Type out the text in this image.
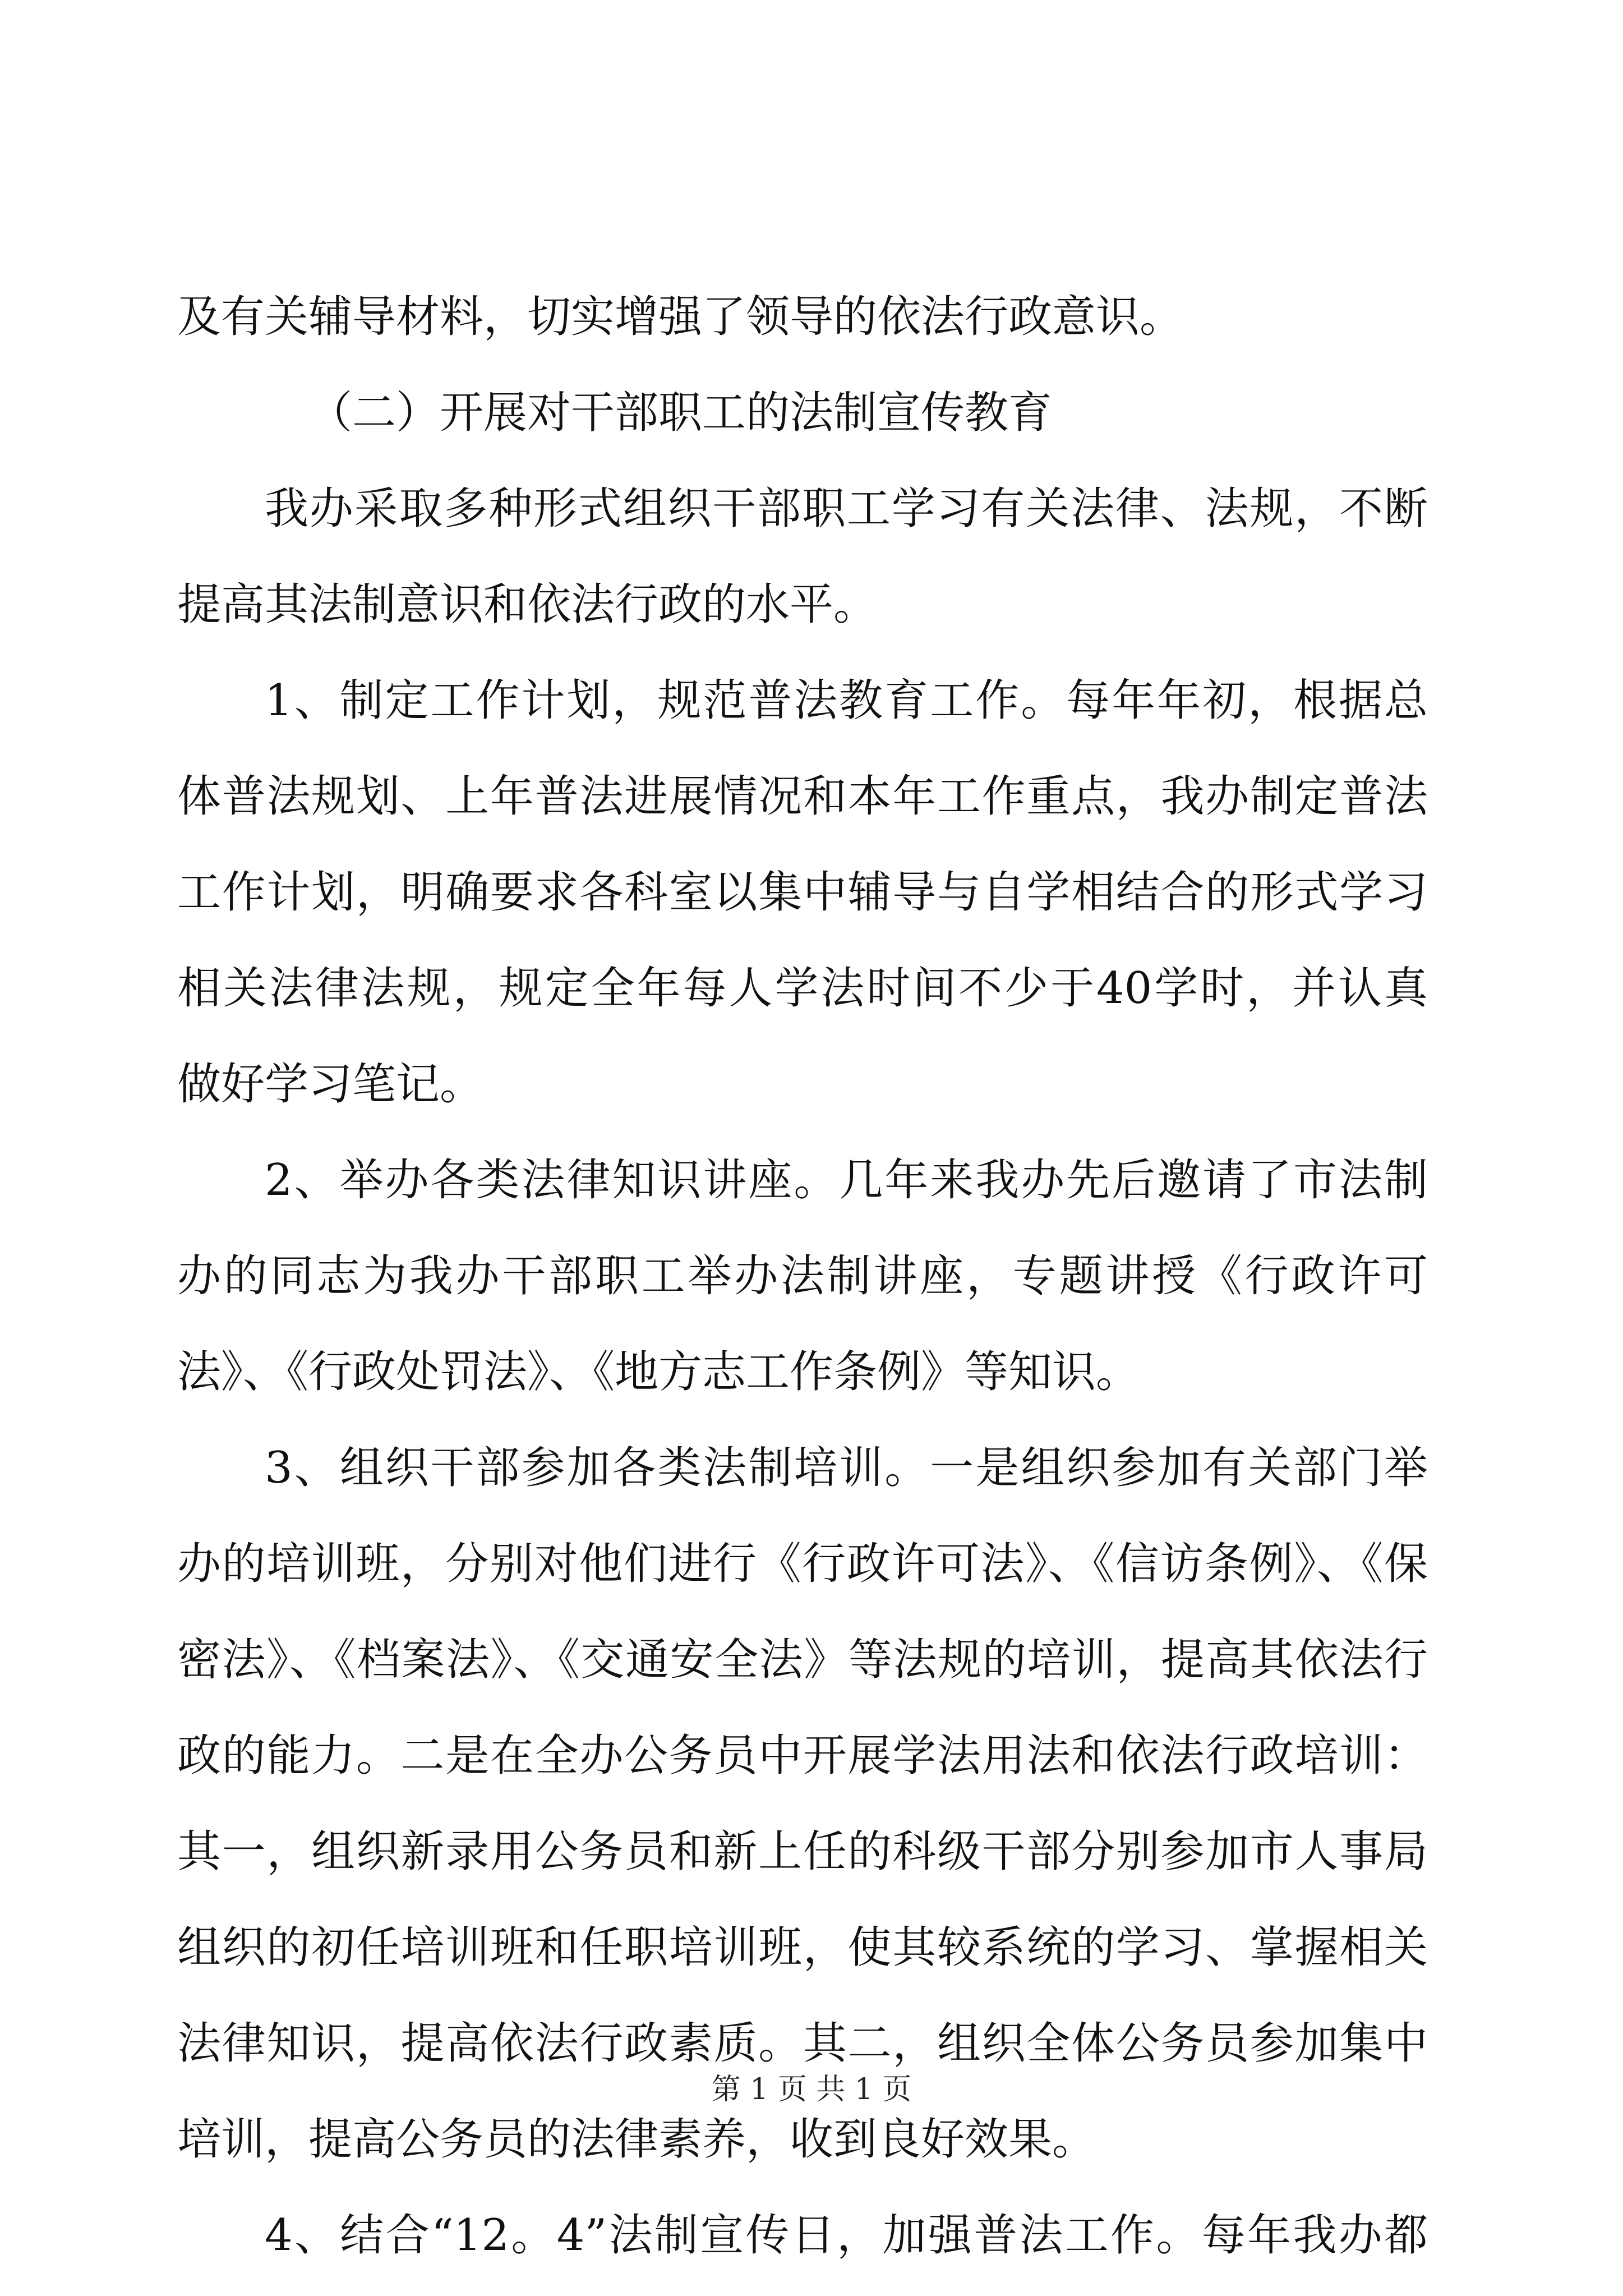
及有关辅导材料，切实增强了领导的依法行政意识。
（二）开展对干部职工的法制宣传教育
我办采取多种形式组织干部职工学习有关法律、法规，不断
提高其法制意识和依法行政的水平。
1、制定工作计划，规范普法教育工作。每年年初，根据总
体普法规划、上年普法进展情况和本年工作重点，我办制定普法
工作计划，明确要求各科室以集中辅导与自学相结合的形式学习
相关法律法规，规定全年每人学法时间不少于40学时，并认真
做好学习笔记。
2、举办各类法律知识讲座。几年来我办先后邀请了市法制
办的同志为我办干部职工举办法制讲座，专题讲授《行政许可
法》、《行政处罚法》、《地方志工作条例》等知识。
3、组织干部参加各类法制培训。一是组织参加有关部门举
办的培训班，分别对他们进行《行政许可法》、《信访条例》、《保
密法》、《档案法》、《交通安全法》等法规的培训，提高其依法行
政的能力。二是在全办公务员中开展学法用法和依法行政培训：
其一，组织新录用公务员和新上任的科级干部分别参加市人事局
组织的初任培训班和任职培训班，使其较系统的学习、掌握相关
法律知识，提高依法行政素质。其二，组织全体公务员参加集中
培训，提高公务员的法律素养，收到良好效果。
4、结合“12。4”法制宣传日，加强普法工作。每年我办都
第 1 页 共 1 页
